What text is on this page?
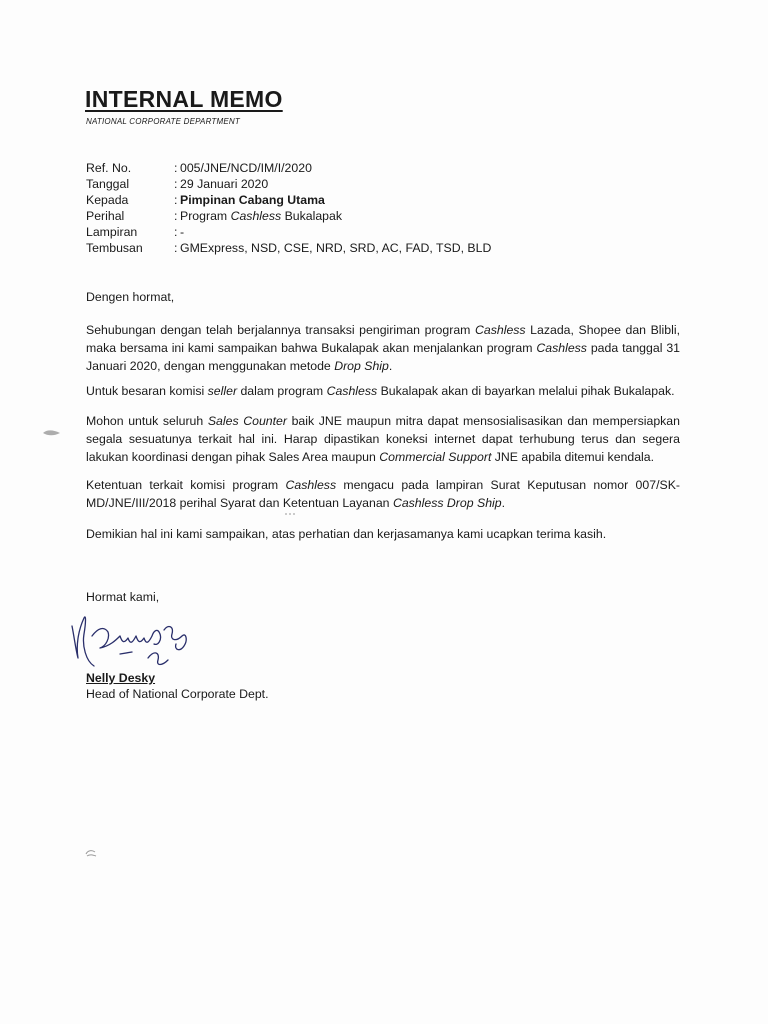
INTERNAL MEMO
NATIONAL CORPORATE DEPARTMENT
Ref. No.	: 005/JNE/NCD/IM/I/2020
Tanggal	: 29 Januari 2020
Kepada	: Pimpinan Cabang Utama
Perihal	: Program Cashless Bukalapak
Lampiran	: -
Tembusan	: GMExpress, NSD, CSE, NRD, SRD, AC, FAD, TSD, BLD
Dengen hormat,
Sehubungan dengan telah berjalannya transaksi pengiriman program Cashless Lazada, Shopee dan Blibli,
maka bersama ini kami sampaikan bahwa Bukalapak akan menjalankan program Cashless pada tanggal 31
Januari 2020, dengan menggunakan metode Drop Ship.
Untuk besaran komisi seller dalam program Cashless Bukalapak akan di bayarkan melalui pihak Bukalapak.
Mohon untuk seluruh Sales Counter baik JNE maupun mitra dapat mensosialisasikan dan mempersiapkan
segala sesuatunya terkait hal ini. Harap dipastikan koneksi internet dapat terhubung terus dan segera
lakukan koordinasi dengan pihak Sales Area maupun Commercial Support JNE apabila ditemui kendala.
Ketentuan terkait komisi program Cashless mengacu pada lampiran Surat Keputusan nomor 007/SK-
MD/JNE/III/2018 perihal Syarat dan Ketentuan Layanan Cashless Drop Ship.
Demikian hal ini kami sampaikan, atas perhatian dan kerjasamanya kami ucapkan terima kasih.
Hormat kami,
Nelly Desky
Head of National Corporate Dept.
